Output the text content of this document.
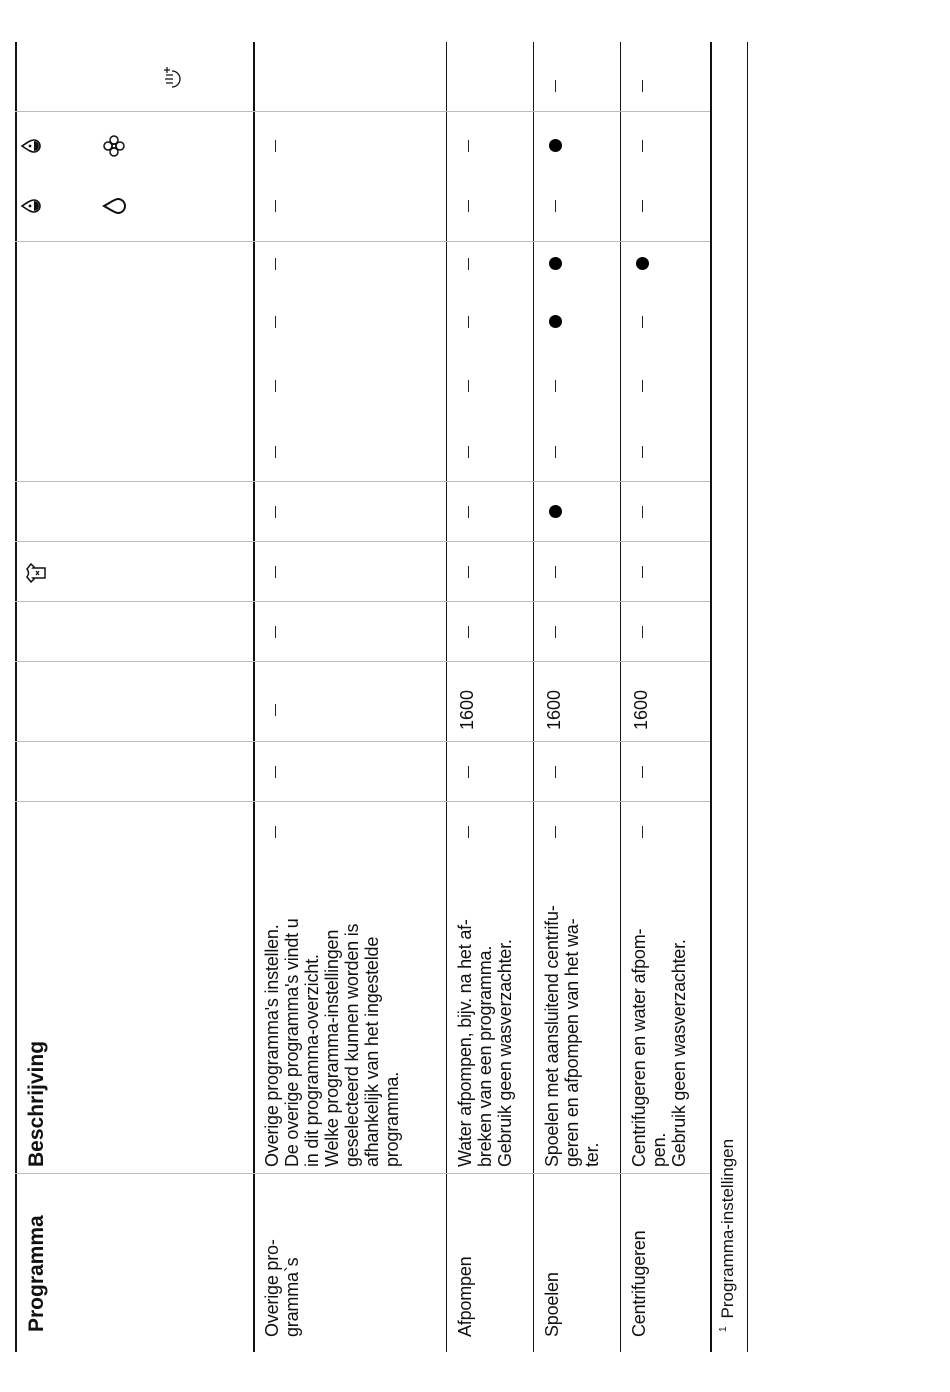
Programma
Beschrijving
Overige pro-
gramma`s
Overige programma's instellen.
De overige programma's vindt u
in dit programma-overzicht.
Welke programma-instellingen
geselecteerd kunnen worden is
afhankelijk van het ingestelde
programma.
Afpompen
Water afpompen, bijv. na het af-
breken van een programma.
Gebruik geen wasverzachter.
Spoelen
Spoelen met aansluitend centrifu-
geren en afpompen van het wa-
ter.
Centrifugeren
Centrifugeren en water afpom-
pen.
Gebruik geen wasverzachter.
$^1$Programma-instellingen
1600	1600	1600
